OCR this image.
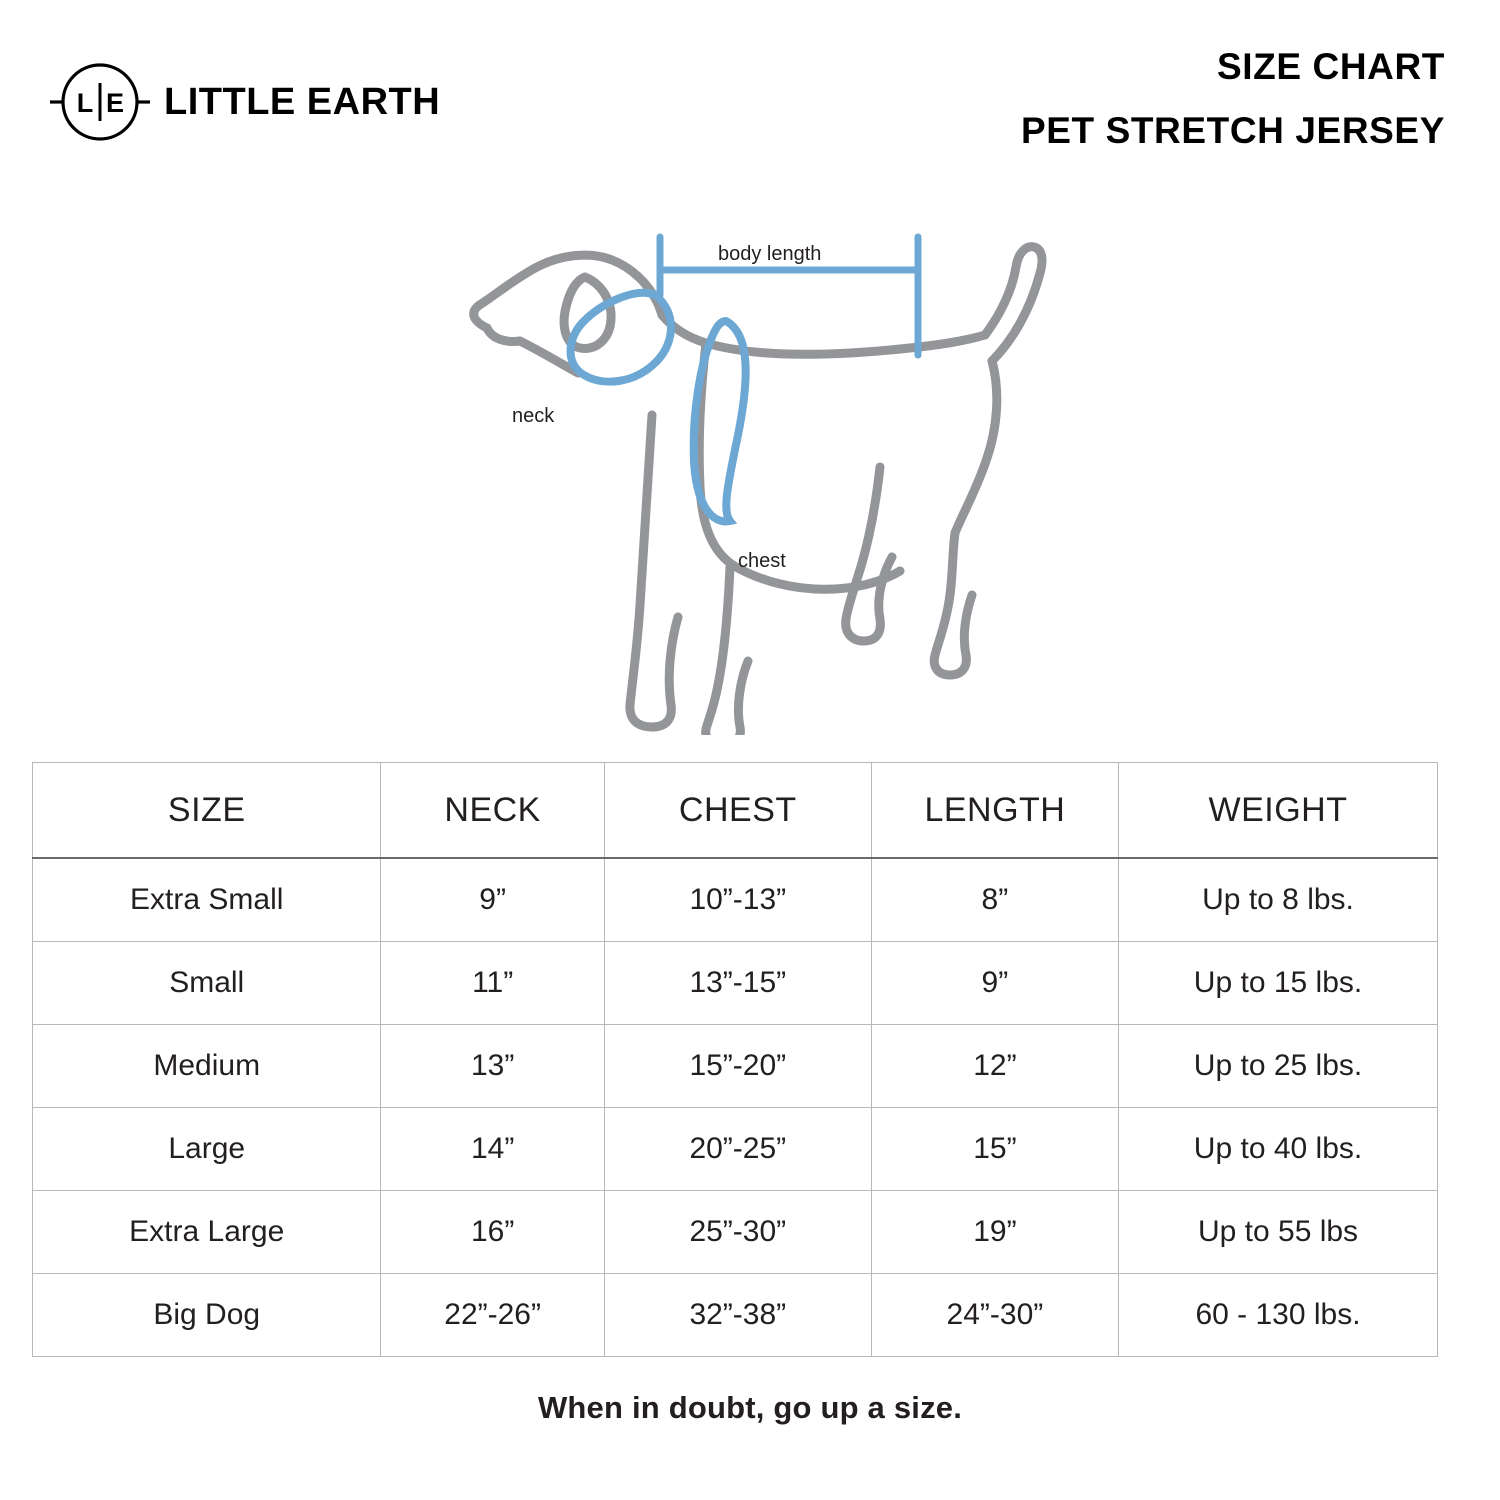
L E LITTLE EARTH
SIZE CHART
PET STRETCH JERSEY
body length
neck
chest
SIZE	NECK	CHEST	LENGTH	WEIGHT
Extra Small	9”	10”-13”	8”	Up to 8 lbs.
Small	11”	13”-15”	9”	Up to 15 lbs.
Medium	13”	15”-20”	12”	Up to 25 lbs.
Large	14”	20”-25”	15”	Up to 40 lbs.
Extra Large	16”	25”-30”	19”	Up to 55 lbs
Big Dog	22”-26”	32”-38”	24”-30”	60 - 130 lbs.
When in doubt, go up a size.
